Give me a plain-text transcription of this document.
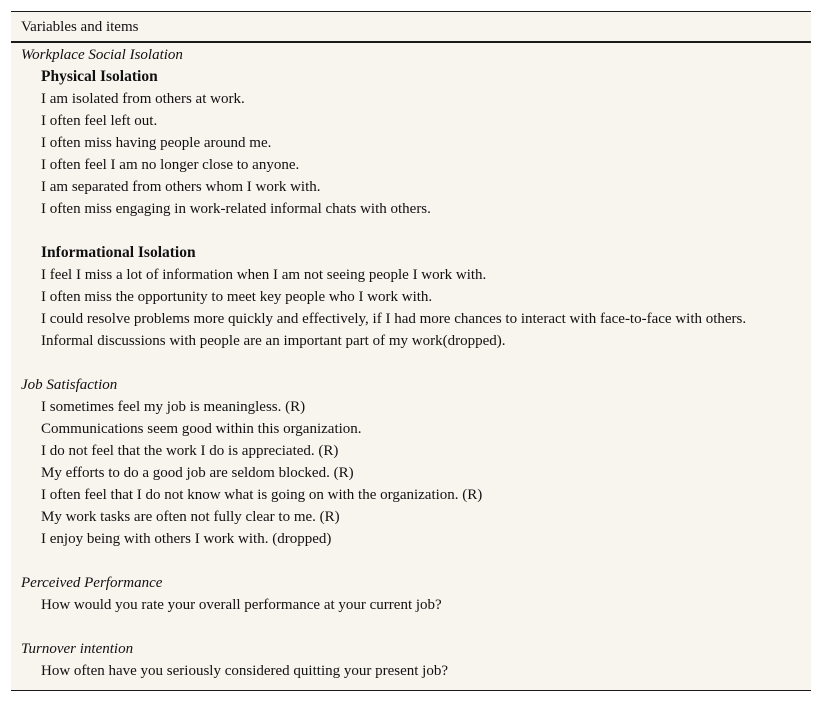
Variables and items
Workplace Social Isolation
Physical Isolation
I am isolated from others at work.
I often feel left out.
I often miss having people around me.
I often feel I am no longer close to anyone.
I am separated from others whom I work with.
I often miss engaging in work-related informal chats with others.
Informational Isolation
I feel I miss a lot of information when I am not seeing people I work with.
I often miss the opportunity to meet key people who I work with.
I could resolve problems more quickly and effectively, if I had more chances to interact with face-to-face with others.
Informal discussions with people are an important part of my work(dropped).
Job Satisfaction
I sometimes feel my job is meaningless. (R)
Communications seem good within this organization.
I do not feel that the work I do is appreciated. (R)
My efforts to do a good job are seldom blocked. (R)
I often feel that I do not know what is going on with the organization. (R)
My work tasks are often not fully clear to me. (R)
I enjoy being with others I work with. (dropped)
Perceived Performance
How would you rate your overall performance at your current job?
Turnover intention
How often have you seriously considered quitting your present job?
